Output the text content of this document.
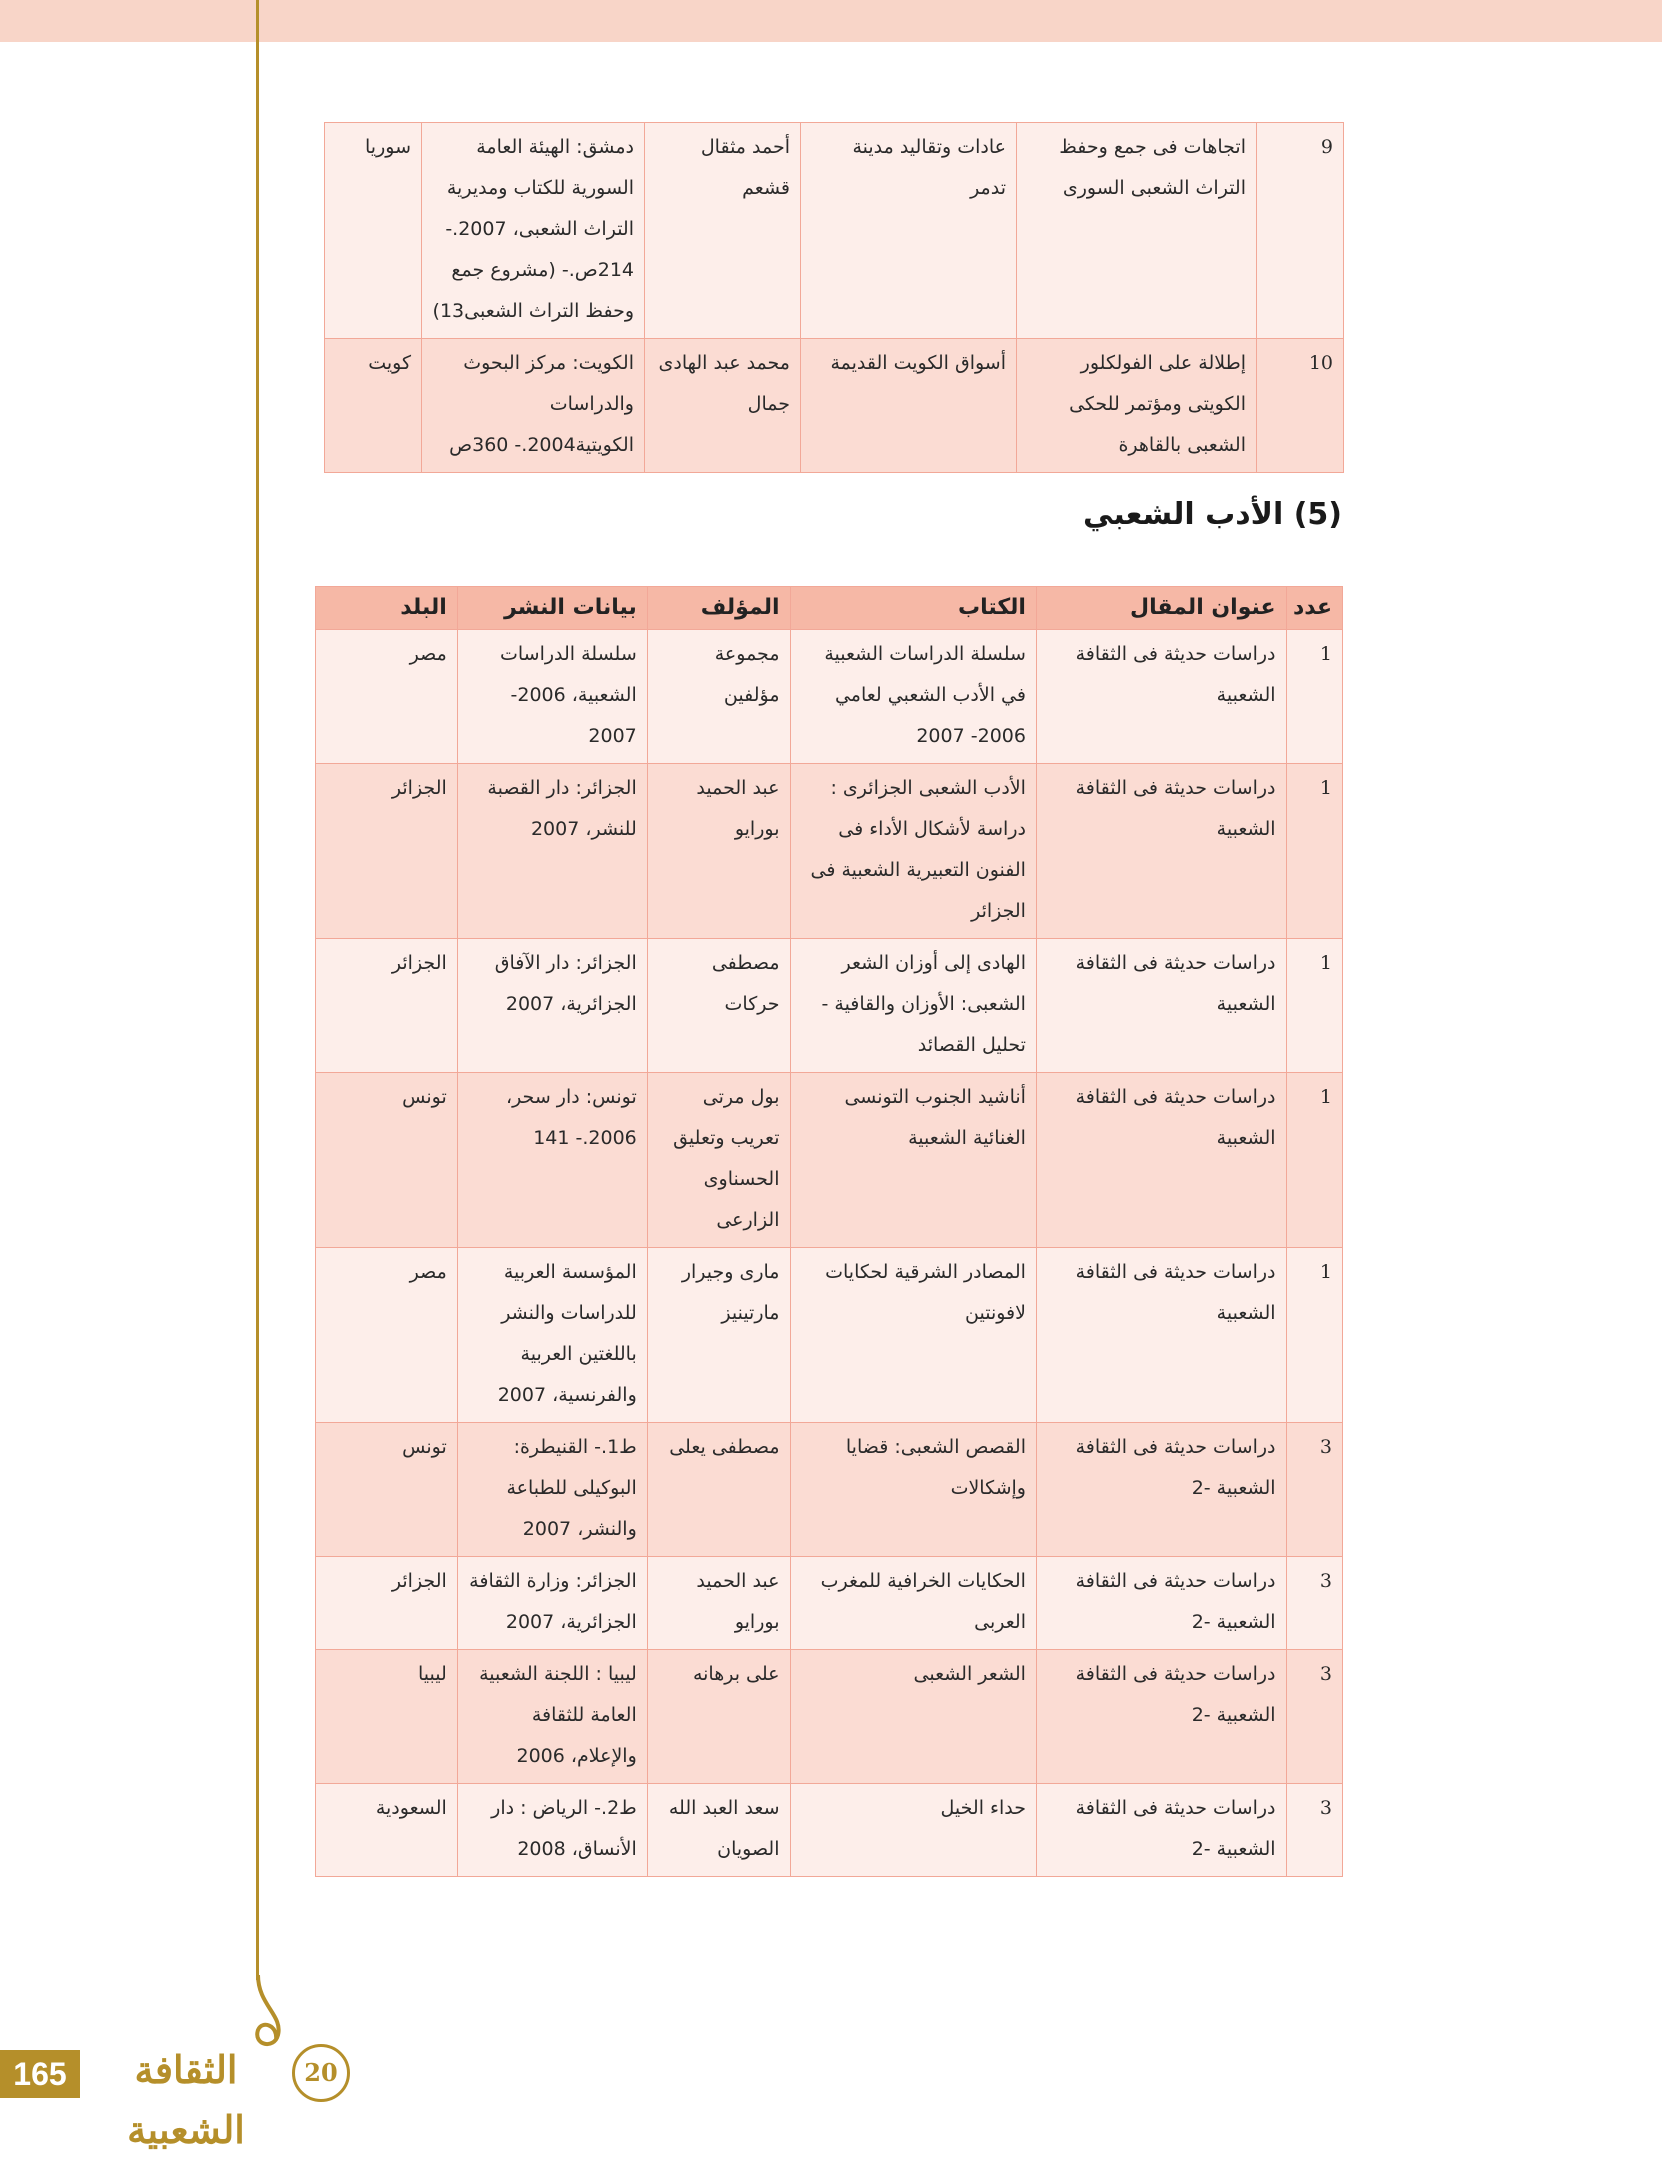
9	اتجاهات فى جمع وحفظ التراث الشعبى السورى	عادات وتقاليد مدينة تدمر	أحمد مثقال قشعم	دمشق: الهيئة العامة السورية للكتاب ومديرية التراث الشعبى، 2007.- 214ص.- (مشروع جمع وحفظ التراث الشعبى13)	سوريا
10	إطلالة على الفولكلور الكويتى ومؤتمر للحكى الشعبى بالقاهرة	أسواق الكويت القديمة	محمد عبد الهادى جمال	الكويت: مركز البحوث والدراسات الكويتية2004.- 360ص	كويت
(5) الأدب الشعبي
عدد	عنوان المقال	الكتاب	المؤلف	بيانات النشر	البلد
1	دراسات حديثة فى الثقافة الشعبية	سلسلة الدراسات الشعبية في الأدب الشعبي لعامي 2006- 2007	مجموعة مؤلفين	سلسلة الدراسات الشعبية، 2006- 2007	مصر
1	دراسات حديثة فى الثقافة الشعبية	الأدب الشعبى الجزائرى : دراسة لأشكال الأداء فى الفنون التعبيرية الشعبية فى الجزائر	عبد الحميد بورايو	الجزائر: دار القصبة للنشر، 2007	الجزائر
1	دراسات حديثة فى الثقافة الشعبية	الهادى إلى أوزان الشعر الشعبى: الأوزان والقافية - تحليل القصائد	مصطفى حركات	الجزائر: دار الآفاق الجزائرية، 2007	الجزائر
1	دراسات حديثة فى الثقافة الشعبية	أناشيد الجنوب التونسى الغنائية الشعبية	بول مرتى تعريب وتعليق الحسناوى الزارعى	تونس: دار سحر، 2006.- 141	تونس
1	دراسات حديثة فى الثقافة الشعبية	المصادر الشرقية لحكايات لافونتين	مارى وجيرار مارتينيز	المؤسسة العربية للدراسات والنشر باللغتين العربية والفرنسية، 2007	مصر
3	دراسات حديثة فى الثقافة الشعبية -2	القصص الشعبى: قضايا وإشكالات	مصطفى يعلى	ط1.- القنيطرة: البوكيلى للطباعة والنشر، 2007	تونس
3	دراسات حديثة فى الثقافة الشعبية -2	الحكايات الخرافية للمغرب العربى	عبد الحميد بورايو	الجزائر: وزارة الثقافة الجزائرية، 2007	الجزائر
3	دراسات حديثة فى الثقافة الشعبية -2	الشعر الشعبى	على برهانه	ليبيا : اللجنة الشعبية العامة للثقافة والإعلام، 2006	ليبيا
3	دراسات حديثة فى الثقافة الشعبية -2	حداء الخيل	سعد العبد الله الصويان	ط2.- الرياض : دار الأنساق، 2008	السعودية
165	الثقافة الشعبية
20
